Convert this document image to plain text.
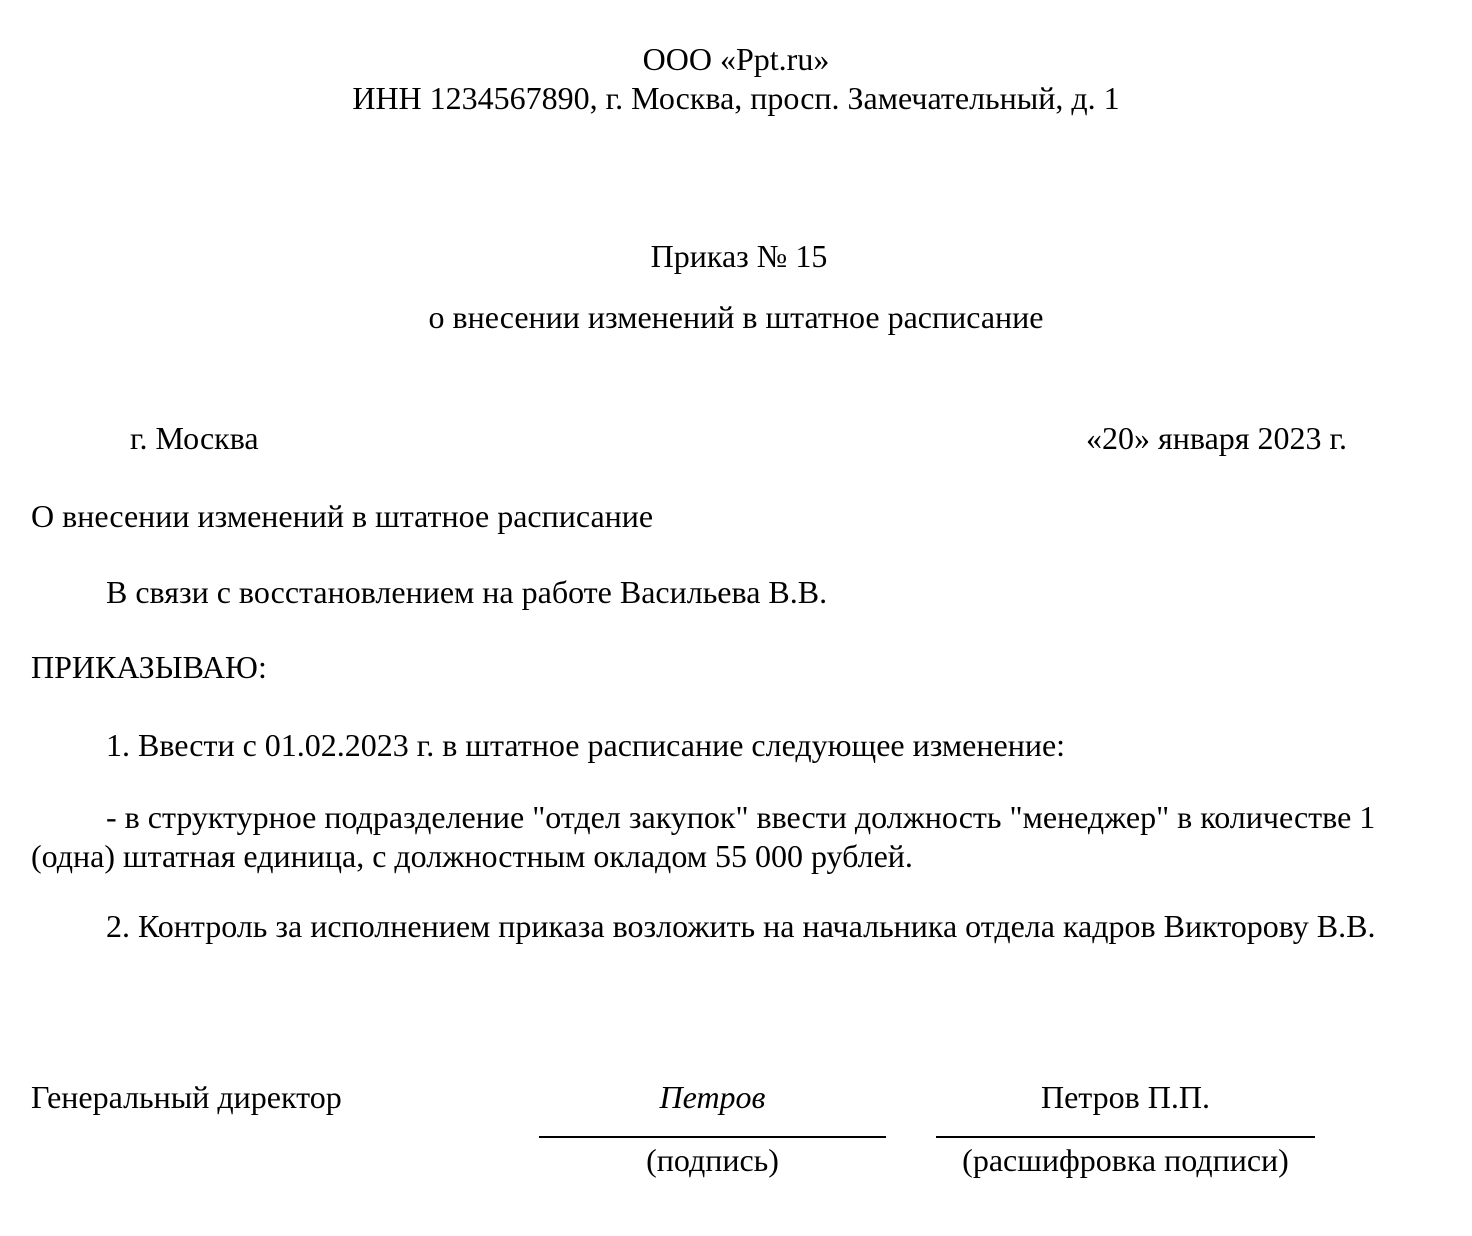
ООО «Ppt.ru»
ИНН 1234567890, г. Москва, просп. Замечательный, д. 1
Приказ № 15
о внесении изменений в штатное расписание
г. Москва	«20» января 2023 г.
О внесении изменений в штатное расписание
В связи с восстановлением на работе Васильева В.В.
ПРИКАЗЫВАЮ:
1. Ввести с 01.02.2023 г. в штатное расписание следующее изменение:
- в структурное подразделение "отдел закупок" ввести должность "менеджер" в количестве 1 (одна) штатная единица, с должностным окладом 55 000 рублей.
2. Контроль за исполнением приказа возложить на начальника отдела кадров Викторову В.В.
Генеральный директор	Петров
(подпись)
Петров П.П.
(расшифровка подписи)
